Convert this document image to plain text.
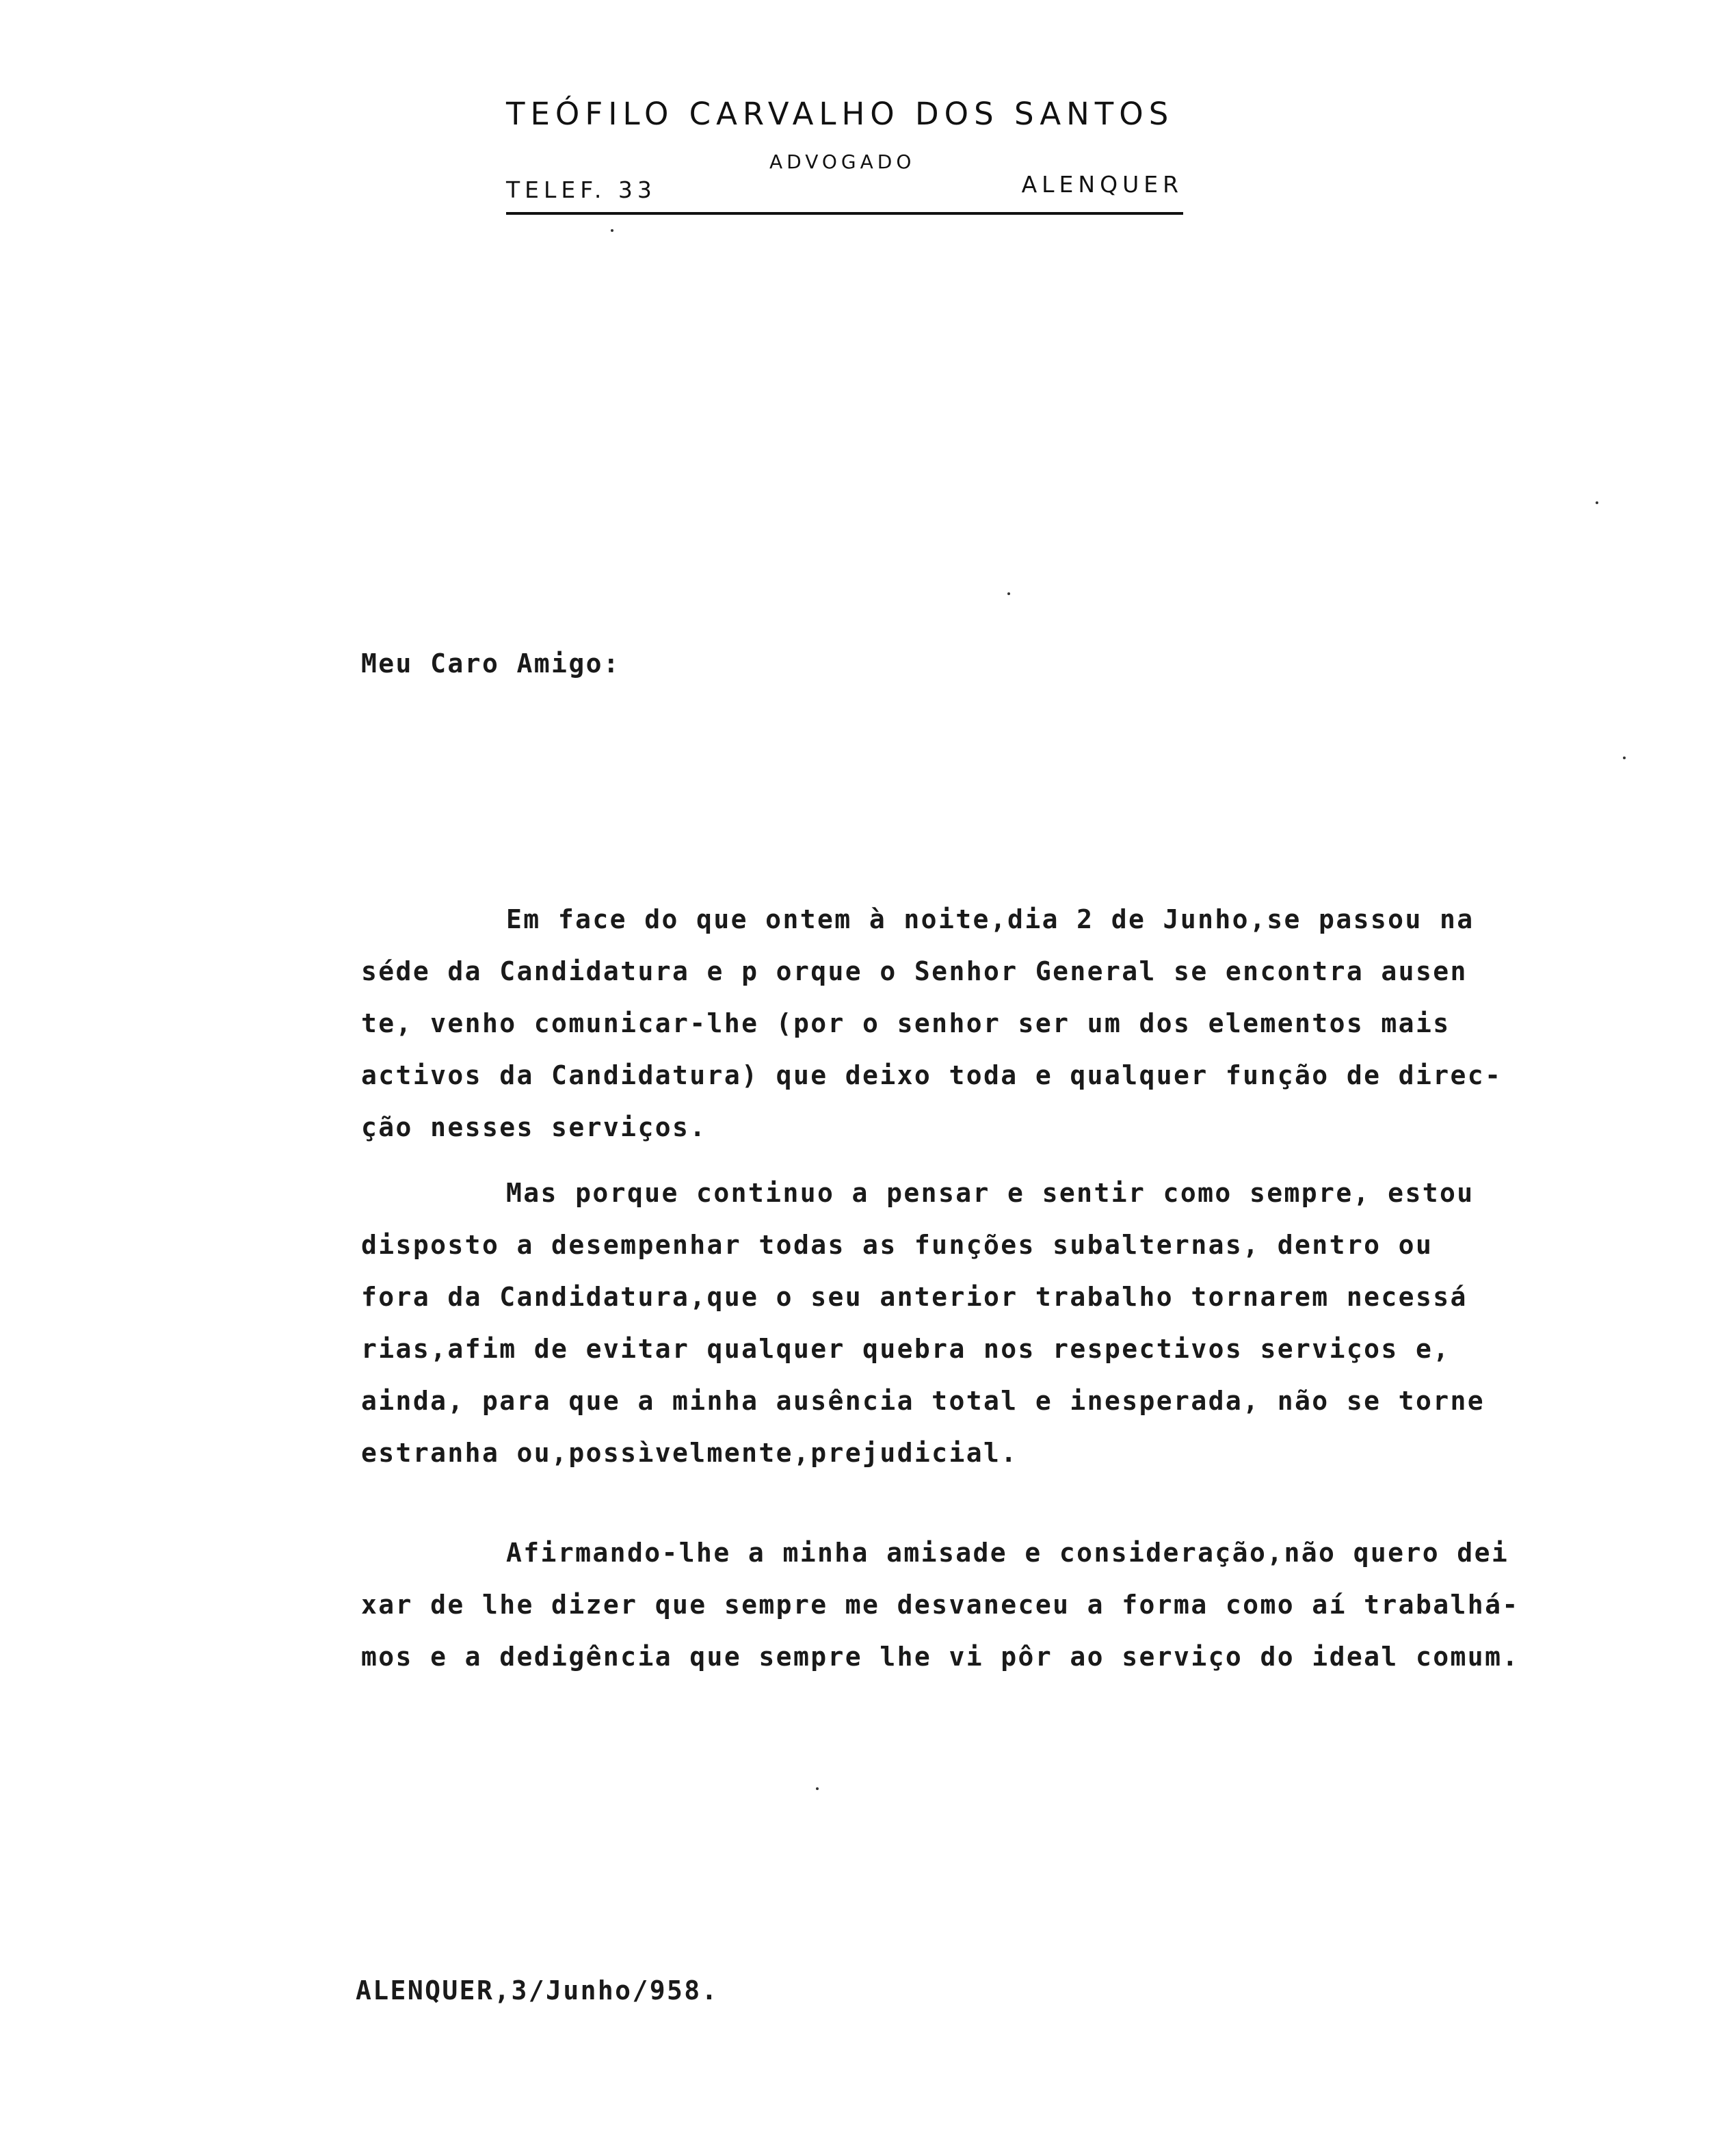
TEÓFILO CARVALHO DOS SANTOS
ADVOGADO
TELEF. 33	ALENQUER
Meu Caro Amigo:
Em face do que ontem à noite,dia 2 de Junho,se passou na
séde da Candidatura e p orque o Senhor General se encontra ausen
te, venho comunicar-lhe (por o senhor ser um dos elementos mais
activos da Candidatura) que deixo toda e qualquer função de direc-
ção nesses serviços.
Mas porque continuo a pensar e sentir como sempre, estou
disposto a desempenhar todas as funções subalternas, dentro ou
fora da Candidatura,que o seu anterior trabalho tornarem necessá
rias,afim de evitar qualquer quebra nos respectivos serviços e,
ainda, para que a minha ausência total e inesperada, não se torne
estranha ou,possìvelmente,prejudicial.
Afirmando-lhe a minha amisade e consideração,não quero dei
xar de lhe dizer que sempre me desvaneceu a forma como aí trabalhá-
mos e a dedigência que sempre lhe vi pôr ao serviço do ideal comum.
ALENQUER,3/Junho/958.
